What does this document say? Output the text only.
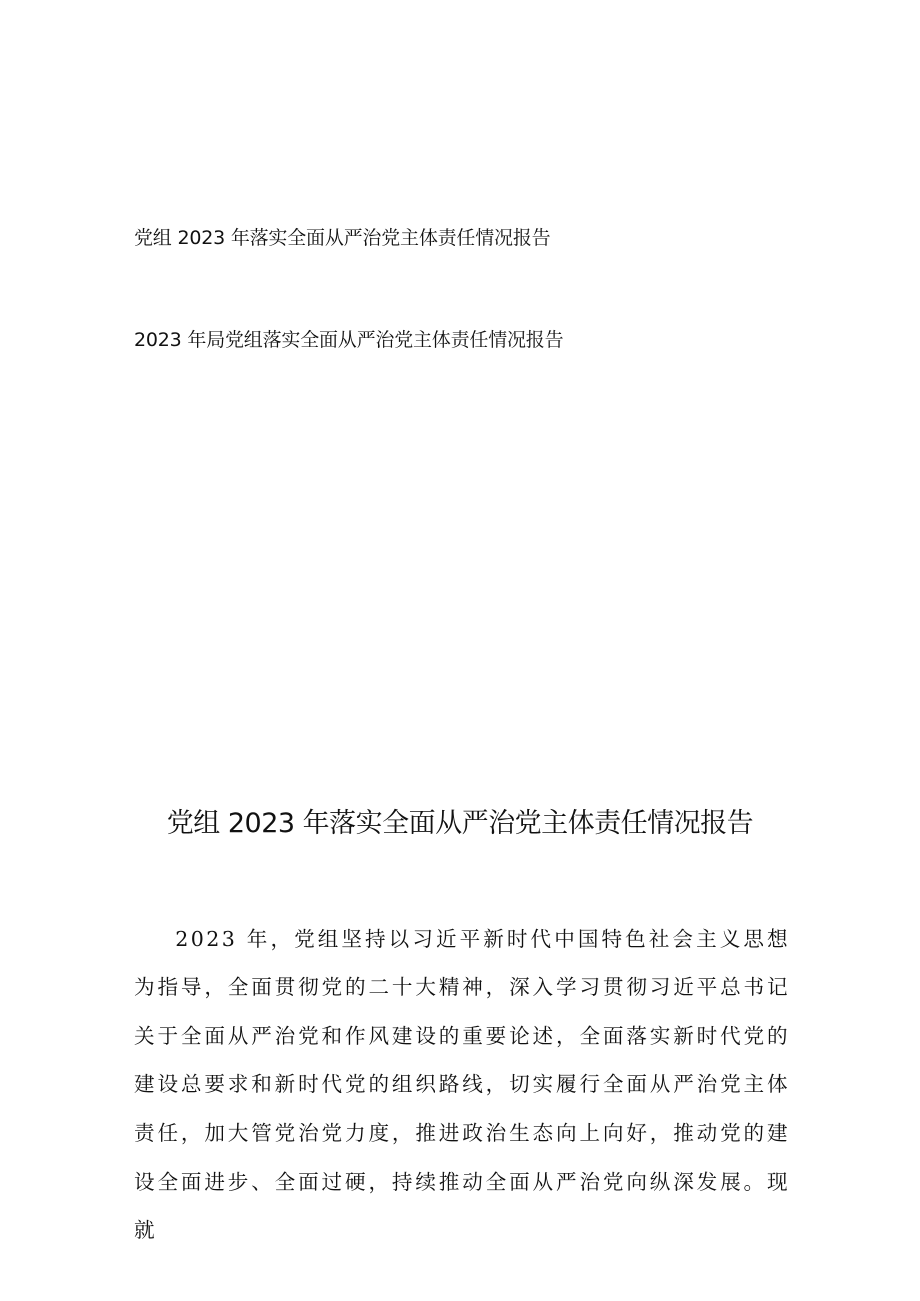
党组 2023 年落实全面从严治党主体责任情况报告
2023 年局党组落实全面从严治党主体责任情况报告
党组 2023 年落实全面从严治党主体责任情况报告

2023 年，党组坚持以习近平新时代中国特色社会主义思想为指导，全面贯彻党的二十大精神，深入学习贯彻习近平总书记关于全面从严治党和作风建设的重要论述，全面落实新时代党的建设总要求和新时代党的组织路线，切实履行全面从严治党主体责任，加大管党治党力度，推进政治生态向上向好，推动党的建设全面进步、全面过硬，持续推动全面从严治党向纵深发展。现就
